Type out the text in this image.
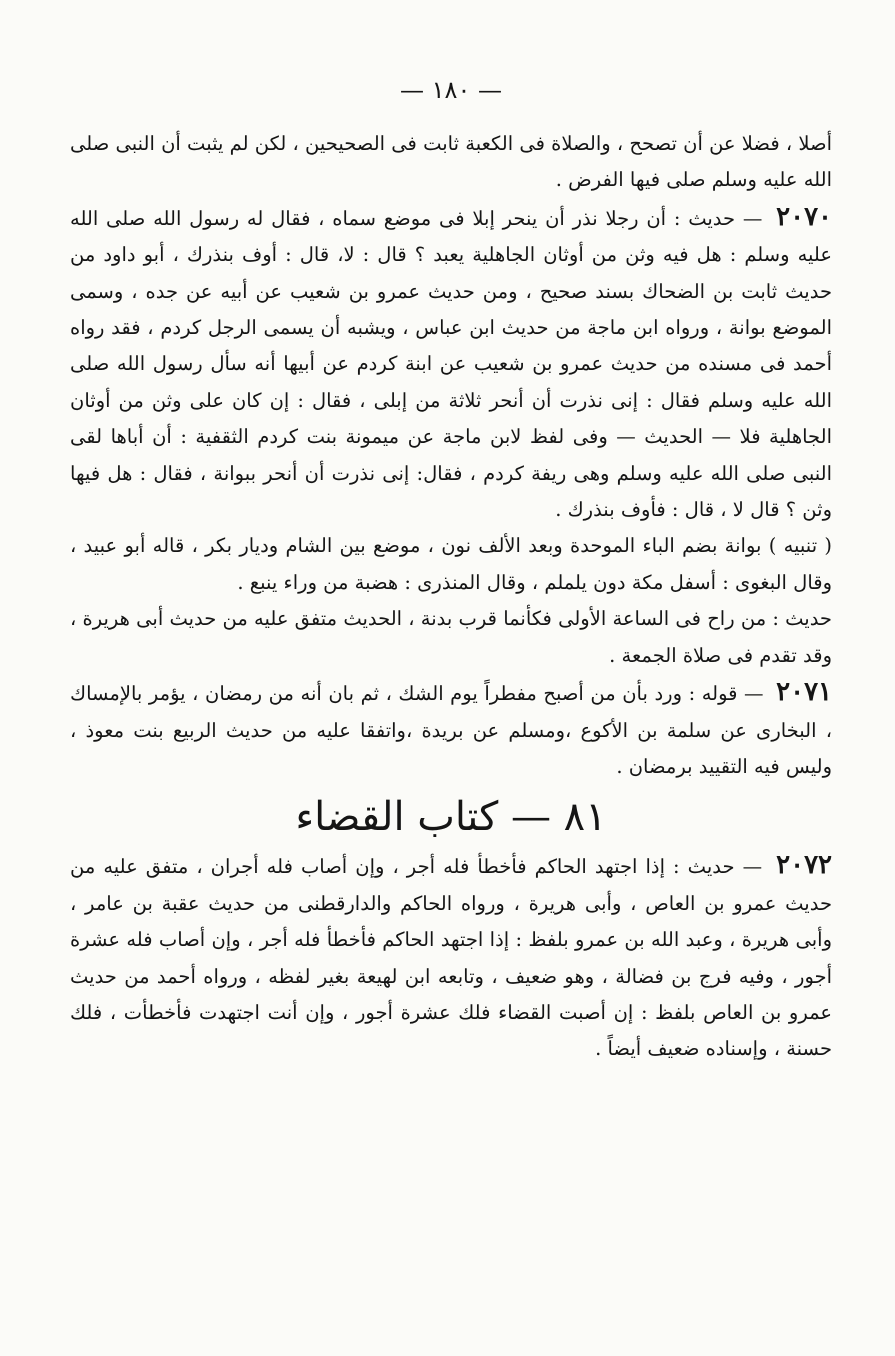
— ١٨٠ —

أصلا ، فضلا عن أن تصحح ، والصلاة فى الكعبة ثابت فى الصحيحين ، لكن لم يثبت أن النبى صلى الله عليه وسلم صلى فيها الفرض .

٢٠٧٠ — حديث : أن رجلا نذر أن ينحر إبلا فى موضع سماه ، فقال له رسول الله صلى الله عليه وسلم : هل فيه وثن من أوثان الجاهلية يعبد ؟ قال : لا، قال : أوف بنذرك ، أبو داود من حديث ثابت بن الضحاك بسند صحيح ، ومن حديث عمرو بن شعيب عن أبيه عن جده ، وسمى الموضع بوانة ، ورواه ابن ماجة من حديث ابن عباس ، ويشبه أن يسمى الرجل كردم ، فقد رواه أحمد فى مسنده من حديث عمرو بن شعيب عن ابنة كردم عن أبيها أنه سأل رسول الله صلى الله عليه وسلم فقال : إنى نذرت أن أنحر ثلاثة من إبلى ، فقال : إن كان على وثن من أوثان الجاهلية فلا — الحديث — وفى لفظ لابن ماجة عن ميمونة بنت كردم الثقفية : أن أباها لقى النبى صلى الله عليه وسلم وهى ريفة كردم ، فقال: إنى نذرت أن أنحر ببوانة ، فقال : هل فيها وثن ؟ قال لا ، قال : فأوف بنذرك .

( تنبيه ) بوانة بضم الباء الموحدة وبعد الألف نون ، موضع بين الشام وديار بكر ، قاله أبو عبيد ، وقال البغوى : أسفل مكة دون يلملم ، وقال المنذرى : هضبة من وراء ينبع .

حديث : من راح فى الساعة الأولى فكأنما قرب بدنة ، الحديث متفق عليه من حديث أبى هريرة ، وقد تقدم فى صلاة الجمعة .

٢٠٧١ — قوله : ورد بأن من أصبح مفطراً يوم الشك ، ثم بان أنه من رمضان ، يؤمر بالإمساك ، البخارى عن سلمة بن الأكوع ،ومسلم عن بريدة ،واتفقا عليه من حديث الربيع بنت معوذ ، وليس فيه التقييد برمضان .

٨١ — كتاب القضاء

٢٠٧٢ — حديث : إذا اجتهد الحاكم فأخطأ فله أجر ، وإن أصاب فله أجران ، متفق عليه من حديث عمرو بن العاص ، وأبى هريرة ، ورواه الحاكم والدارقطنى من حديث عقبة بن عامر ، وأبى هريرة ، وعبد الله بن عمرو بلفظ : إذا اجتهد الحاكم فأخطأ فله أجر ، وإن أصاب فله عشرة أجور ، وفيه فرج بن فضالة ، وهو ضعيف ، وتابعه ابن لهيعة بغير لفظه ، ورواه أحمد من حديث عمرو بن العاص بلفظ : إن أصبت القضاء فلك عشرة أجور ، وإن أنت اجتهدت فأخطأت ، فلك حسنة ، وإسناده ضعيف أيضاً .
